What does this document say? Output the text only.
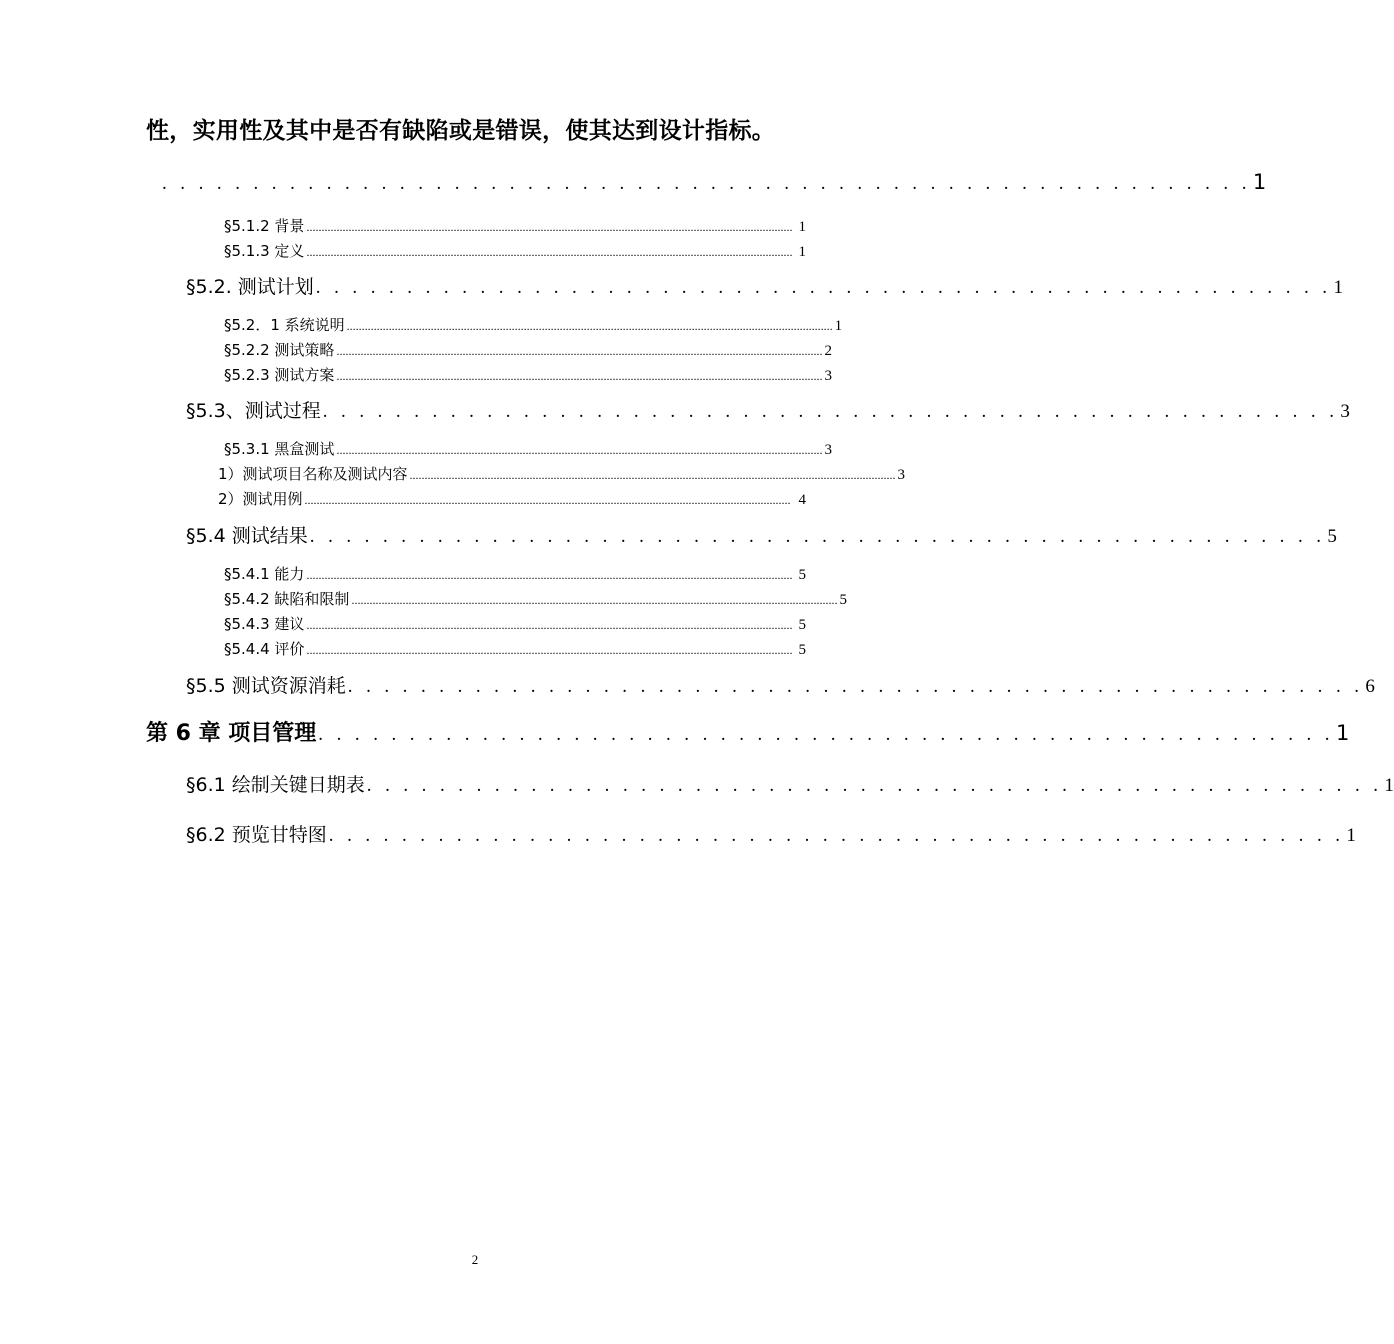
性，实用性及其中是否有缺陷或是错误，使其达到设计指标。
. . . . . . . . . . . . . . . . . . . . . . . . . . . . . . . . . . . . . . . . . . . . . . . . . . . . . . . . . . . . 1
§5.1.2 背景 .................................................................................................................................................................. 1
§5.1.3 定义 .................................................................................................................................................................. 1
§5.2. 测试计划 . . . . . . . . . . . . . . . . . . . . . . . . . . . . . . . . . . . . . . . . . . . . . . . . . . . . . . . . 1
§5.2．1 系统说明 .................................................................................................................................................................. 1
§5.2.2 测试策略 .................................................................................................................................................................. 2
§5.2.3 测试方案 .................................................................................................................................................................. 3
§5.3、测试过程 . . . . . . . . . . . . . . . . . . . . . . . . . . . . . . . . . . . . . . . . . . . . . . . . . . . . . . . . 3
§5.3.1 黑盒测试 .................................................................................................................................................................. 3
1）测试项目名称及测试内容 .................................................................................................................................................................. 3
2）测试用例 .................................................................................................................................................................. 4
§5.4 测试结果 . . . . . . . . . . . . . . . . . . . . . . . . . . . . . . . . . . . . . . . . . . . . . . . . . . . . . . . . 5
§5.4.1 能力 .................................................................................................................................................................. 5
§5.4.2 缺陷和限制 .................................................................................................................................................................. 5
§5.4.3 建议 .................................................................................................................................................................. 5
§5.4.4 评价 .................................................................................................................................................................. 5
§5.5 测试资源消耗 . . . . . . . . . . . . . . . . . . . . . . . . . . . . . . . . . . . . . . . . . . . . . . . . . . . . . . . . 6
第 6 章 项目管理 . . . . . . . . . . . . . . . . . . . . . . . . . . . . . . . . . . . . . . . . . . . . . . . . . . . . . . . . 1
§6.1 绘制关键日期表 . . . . . . . . . . . . . . . . . . . . . . . . . . . . . . . . . . . . . . . . . . . . . . . . . . . . . . . . 1
§6.2 预览甘特图 . . . . . . . . . . . . . . . . . . . . . . . . . . . . . . . . . . . . . . . . . . . . . . . . . . . . . . . . 1
2
